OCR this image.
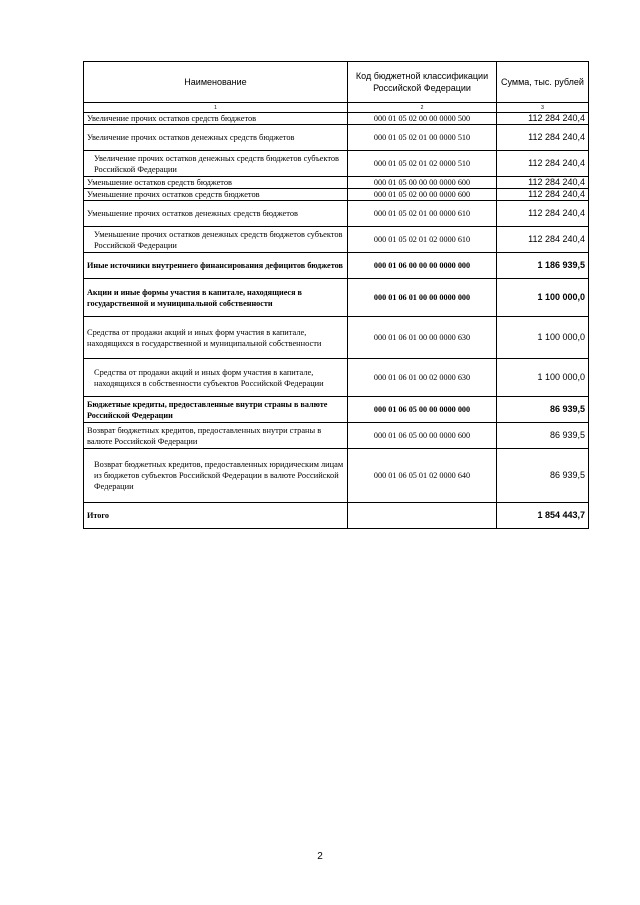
Наименование	Код бюджетной классификации Российской Федерации	Сумма, тыс. рублей
1	2	3
Увеличение прочих остатков средств бюджетов	000 01 05 02 00 00 0000 500	112 284 240,4
Увеличение прочих остатков денежных средств бюджетов	000 01 05 02 01 00 0000 510	112 284 240,4
Увеличение прочих остатков денежных средств бюджетов субъектов Российской Федерации	000 01 05 02 01 02 0000 510	112 284 240,4
Уменьшение остатков средств бюджетов	000 01 05 00 00 00 0000 600	112 284 240,4
Уменьшение прочих остатков средств бюджетов	000 01 05 02 00 00 0000 600	112 284 240,4
Уменьшение прочих остатков денежных средств бюджетов	000 01 05 02 01 00 0000 610	112 284 240,4
Уменьшение прочих остатков денежных средств бюджетов субъектов Российской Федерации	000 01 05 02 01 02 0000 610	112 284 240,4
Иные источники внутреннего финансирования дефицитов бюджетов	000 01 06 00 00 00 0000 000	1 186 939,5
Акции и иные формы участия в капитале, находящиеся в государственной и муниципальной собственности	000 01 06 01 00 00 0000 000	1 100 000,0
Средства от продажи акций и иных форм участия в капитале, находящихся в государственной и муниципальной собственности	000 01 06 01 00 00 0000 630	1 100 000,0
Средства от продажи акций и иных форм участия в капитале, находящихся в собственности субъектов Российской Федерации	000 01 06 01 00 02 0000 630	1 100 000,0
Бюджетные кредиты, предоставленные внутри страны в валюте Российской Федерации	000 01 06 05 00 00 0000 000	86 939,5
Возврат бюджетных кредитов, предоставленных внутри страны в валюте Российской Федерации	000 01 06 05 00 00 0000 600	86 939,5
Возврат бюджетных кредитов, предоставленных юридическим лицам из бюджетов субъектов Российской Федерации в валюте Российской Федерации	000 01 06 05 01 02 0000 640	86 939,5
Итого		1 854 443,7
2
